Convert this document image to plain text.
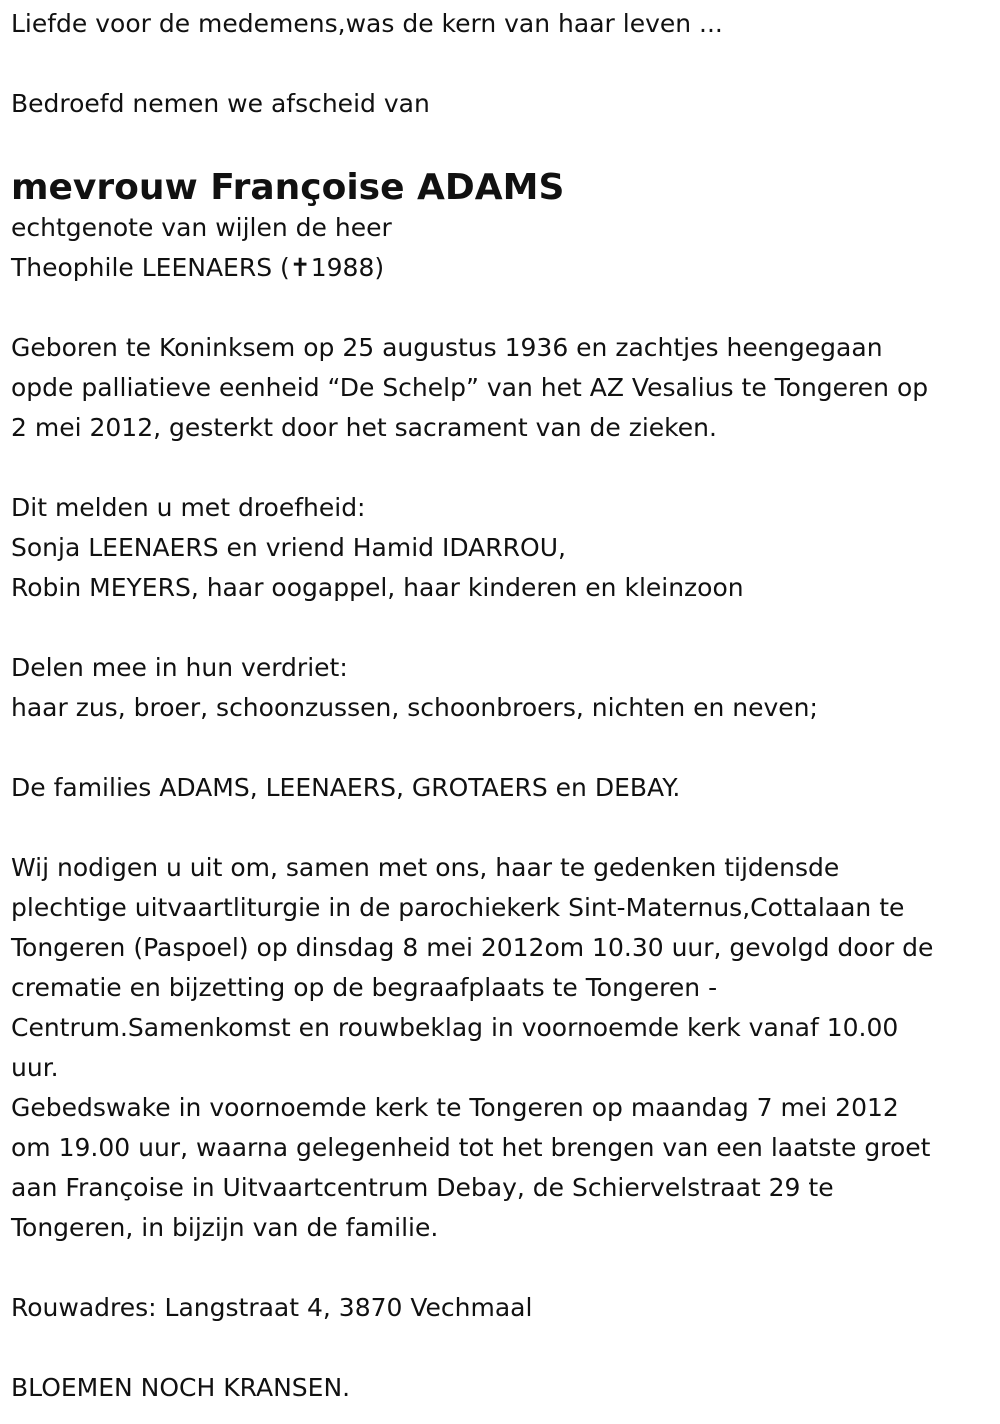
Liefde voor de medemens,was de kern van haar leven ...
Bedroefd nemen we afscheid van
mevrouw Françoise ADAMS
echtgenote van wijlen de heer
Theophile LEENAERS (✝1988)
Geboren te Koninksem op 25 augustus 1936 en zachtjes heengegaan
opde palliatieve eenheid “De Schelp” van het AZ Vesalius te Tongeren op
2 mei 2012, gesterkt door het sacrament van de zieken.
Dit melden u met droefheid:
Sonja LEENAERS en vriend Hamid IDARROU,
Robin MEYERS, haar oogappel, haar kinderen en kleinzoon
Delen mee in hun verdriet:
haar zus, broer, schoonzussen, schoonbroers, nichten en neven;
De families ADAMS, LEENAERS, GROTAERS en DEBAY.
Wij nodigen u uit om, samen met ons, haar te gedenken tijdensde
plechtige uitvaartliturgie in de parochiekerk Sint-Maternus,Cottalaan te
Tongeren (Paspoel) op dinsdag 8 mei 2012om 10.30 uur, gevolgd door de
crematie en bijzetting op de begraafplaats te Tongeren -
Centrum.Samenkomst en rouwbeklag in voornoemde kerk vanaf 10.00
uur.
Gebedswake in voornoemde kerk te Tongeren op maandag 7 mei 2012
om 19.00 uur, waarna gelegenheid tot het brengen van een laatste groet
aan Françoise in Uitvaartcentrum Debay, de Schiervelstraat 29 te
Tongeren, in bijzijn van de familie.
Rouwadres: Langstraat 4, 3870 Vechmaal
BLOEMEN NOCH KRANSEN.
